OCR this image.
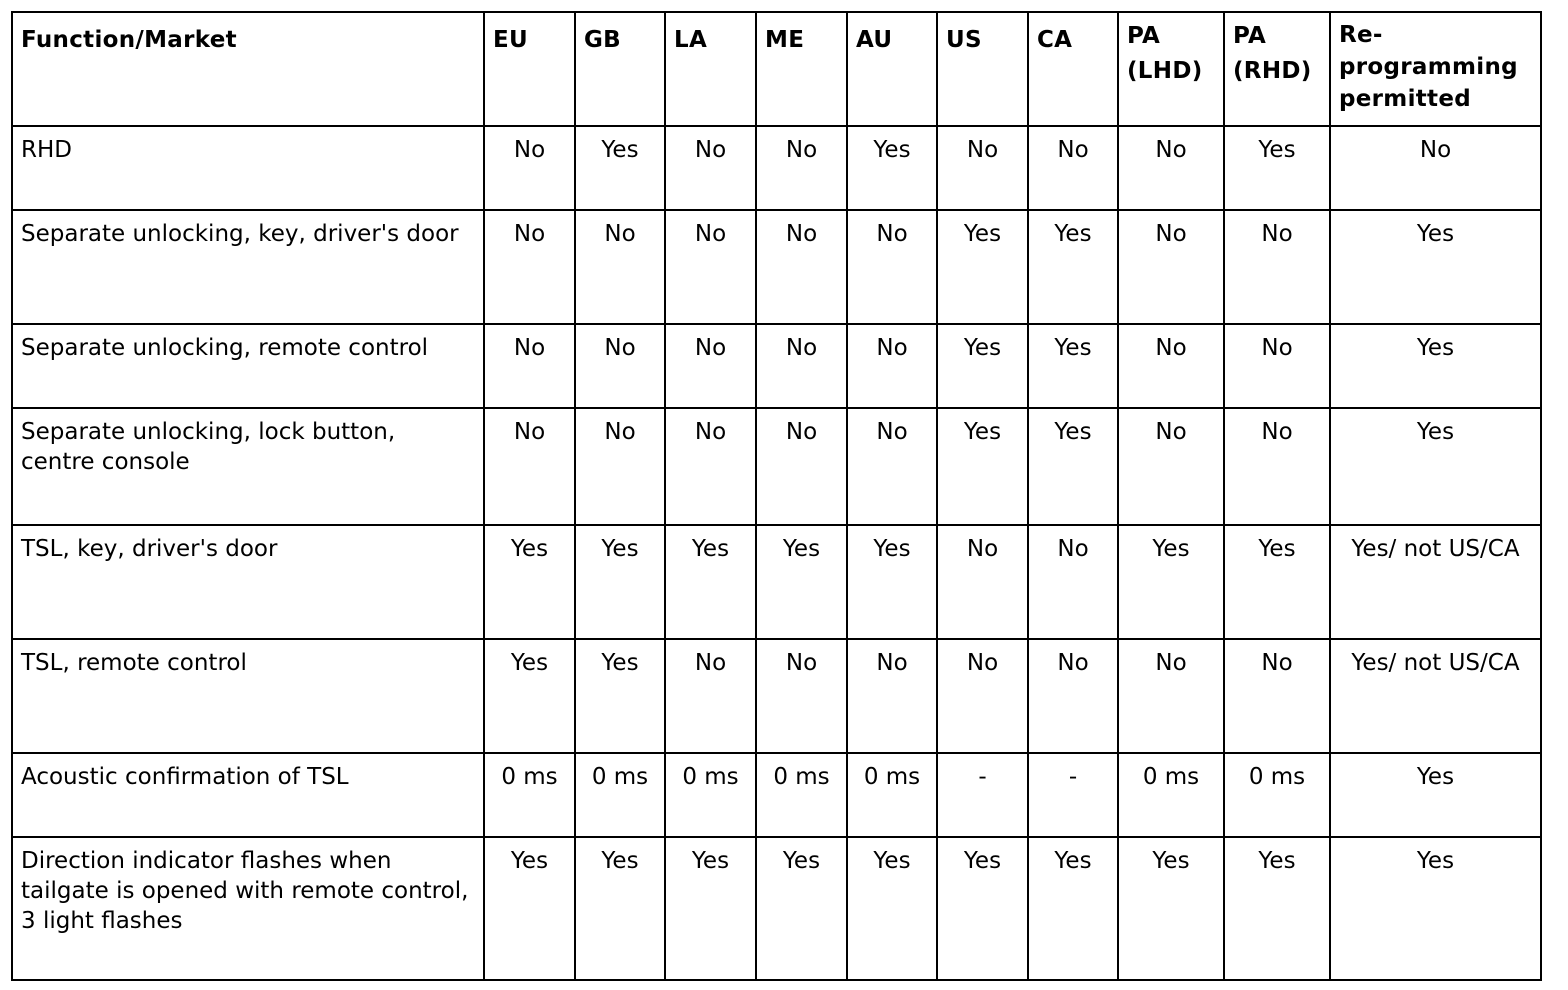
Function/Market	EU	GB	LA	ME	AU	US	CA	PA (LHD)	PA (RHD)	Re-programming permitted
RHD	No	Yes	No	No	Yes	No	No	No	Yes	No
Separate unlocking, key, driver's door	No	No	No	No	No	Yes	Yes	No	No	Yes
Separate unlocking, remote control	No	No	No	No	No	Yes	Yes	No	No	Yes
Separate unlocking, lock button, centre console	No	No	No	No	No	Yes	Yes	No	No	Yes
TSL, key, driver's door	Yes	Yes	Yes	Yes	Yes	No	No	Yes	Yes	Yes/ not US/CA
TSL, remote control	Yes	Yes	No	No	No	No	No	No	No	Yes/ not US/CA
Acoustic confirmation of TSL	0 ms	0 ms	0 ms	0 ms	0 ms	-	-	0 ms	0 ms	Yes
Direction indicator flashes when tailgate is opened with remote control, 3 light flashes	Yes	Yes	Yes	Yes	Yes	Yes	Yes	Yes	Yes	Yes
